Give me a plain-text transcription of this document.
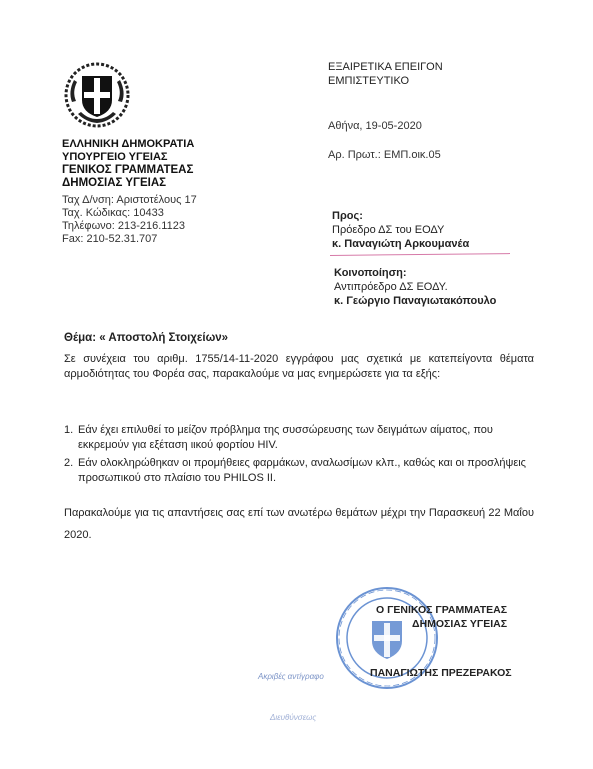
ΕΛΛΗΝΙΚΗ ΔΗΜΟΚΡΑΤΙΑ
ΥΠΟΥΡΓΕΙΟ ΥΓΕΙΑΣ
ΓΕΝΙΚΟΣ ΓΡΑΜΜΑΤΕΑΣ
ΔΗΜΟΣΙΑΣ ΥΓΕΙΑΣ
Ταχ Δ/νση: Αριστοτέλους 17
Ταχ. Κώδικας: 10433
Τηλέφωνο: 213-216.1123
Fax: 210-52.31.707
ΕΞΑΙΡΕΤΙΚΑ ΕΠΕΙΓΟΝ
ΕΜΠΙΣΤΕΥΤΙΚΟ
Αθήνα, 19-05-2020
Αρ. Πρωτ.: ΕΜΠ.οικ.05
Προς:
Πρόεδρο ΔΣ του ΕΟΔΥ
κ. Παναγιώτη Αρκουμανέα
Κοινοποίηση:
Αντιπρόεδρο ΔΣ ΕΟΔΥ.
κ. Γεώργιο Παναγιωτακόπουλο
Θέμα: « Αποστολή Στοιχείων»
Σε συνέχεια του αριθμ. 1755/14-11-2020 εγγράφου μας σχετικά με κατεπείγοντα θέματα αρμοδιότητας του Φορέα σας, παρακαλούμε να μας ενημερώσετε για τα εξής:
1. Εάν έχει επιλυθεί το μείζον πρόβλημα της συσσώρευσης των δειγμάτων αίματος, που εκκρεμούν για εξέταση ιικού φορτίου HIV.
2. Εάν ολοκληρώθηκαν οι προμήθειες φαρμάκων, αναλωσίμων κλπ., καθώς και οι προσλήψεις προσωπικού στο πλαίσιο του PHILOS II.
Παρακαλούμε για τις απαντήσεις σας επί των ανωτέρω θεμάτων μέχρι την Παρασκευή 22 Μαΐου 2020.
Ο ΓΕΝΙΚΟΣ ΓΡΑΜΜΑΤΕΑΣ
ΔΗΜΟΣΙΑΣ ΥΓΕΙΑΣ
ΠΑΝΑΓΙΩΤΗΣ ΠΡΕΖΕΡΑΚΟΣ
Ακριβές αντίγραφο
Διευθύνσεως
